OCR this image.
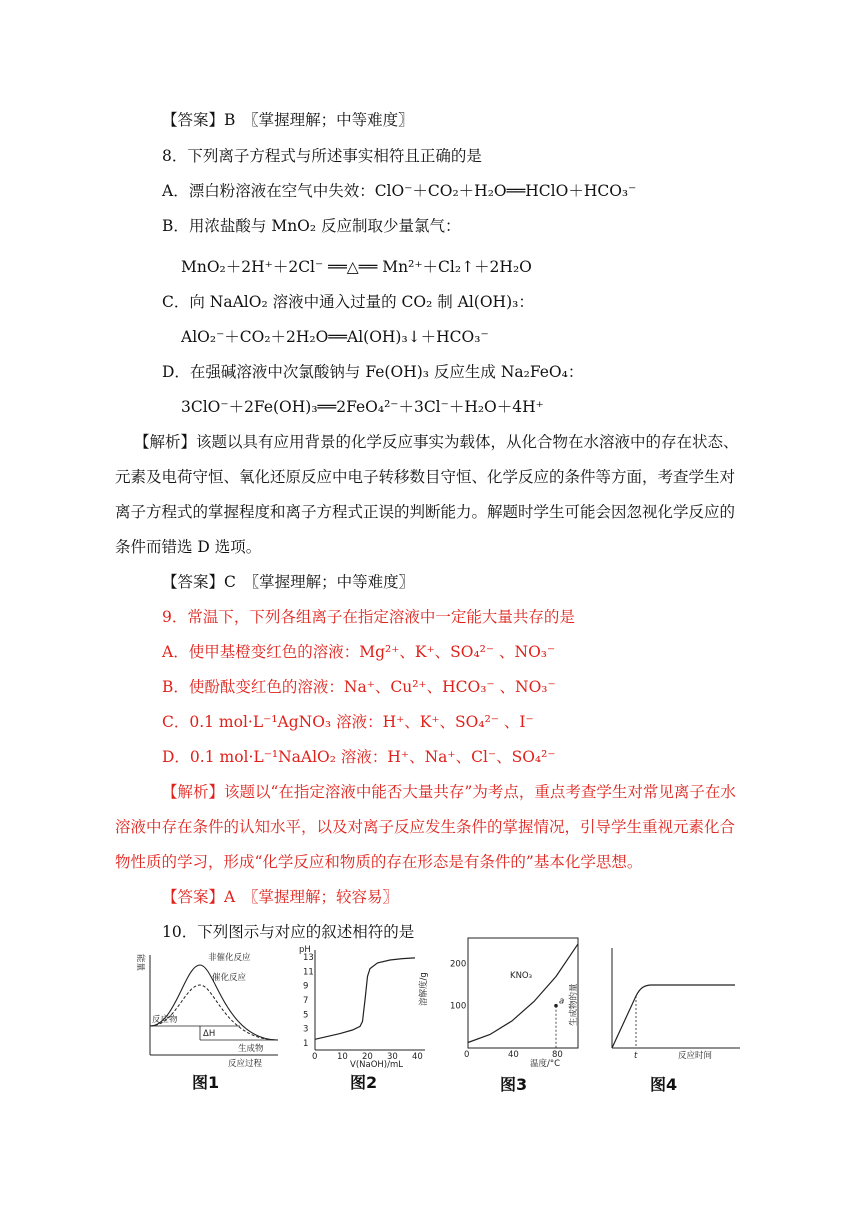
【答案】B　〖掌握理解；中等难度〗
8．下列离子方程式与所述事实相符且正确的是
A．漂白粉溶液在空气中失效：ClO⁻＋CO₂＋H₂O══HClO＋HCO₃⁻
B．用浓盐酸与 MnO₂ 反应制取少量氯气：
MnO₂＋2H⁺＋2Cl⁻ ══△══ Mn²⁺＋Cl₂↑＋2H₂O
C．向 NaAlO₂ 溶液中通入过量的 CO₂ 制 Al(OH)₃：
AlO₂⁻＋CO₂＋2H₂O══Al(OH)₃↓＋HCO₃⁻
D．在强碱溶液中次氯酸钠与 Fe(OH)₃ 反应生成 Na₂FeO₄：
3ClO⁻＋2Fe(OH)₃══2FeO₄²⁻＋3Cl⁻＋H₂O＋4H⁺
【解析】该题以具有应用背景的化学反应事实为载体，从化合物在水溶液中的存在状态、
元素及电荷守恒、氧化还原反应中电子转移数目守恒、化学反应的条件等方面，考查学生对
离子方程式的掌握程度和离子方程式正误的判断能力。解题时学生可能会因忽视化学反应的
条件而错选 D 选项。
【答案】C　〖掌握理解；中等难度〗
9．常温下，下列各组离子在指定溶液中一定能大量共存的是
A．使甲基橙变红色的溶液：Mg²⁺、K⁺、SO₄²⁻ 、NO₃⁻
B．使酚酞变红色的溶液：Na⁺、Cu²⁺、HCO₃⁻ 、NO₃⁻
C．0.1 mol·L⁻¹AgNO₃ 溶液：H⁺、K⁺、SO₄²⁻ 、I⁻
D．0.1 mol·L⁻¹NaAlO₂ 溶液：H⁺、Na⁺、Cl⁻、SO₄²⁻
【解析】该题以“在指定溶液中能否大量共存”为考点，重点考查学生对常见离子在水
溶液中存在条件的认知水平，以及对离子反应发生条件的掌握情况，引导学生重视元素化合
物性质的学习，形成“化学反应和物质的存在形态是有条件的”基本化学思想。
【答案】A　〖掌握理解；较容易〗
10．下列图示与对应的叙述相符的是
能量	非催化反应
催化反应
反应物
ΔH
生成物
反应过程
图1
pH
V(NaOH)/mL
13
11
9
7
5
3
1
0 10 20 30 40
图2
溶解度/g
温度/°C
KNO₃
200
100
0	40	80
a
图3
生成物的量
t	反应时间
图4
